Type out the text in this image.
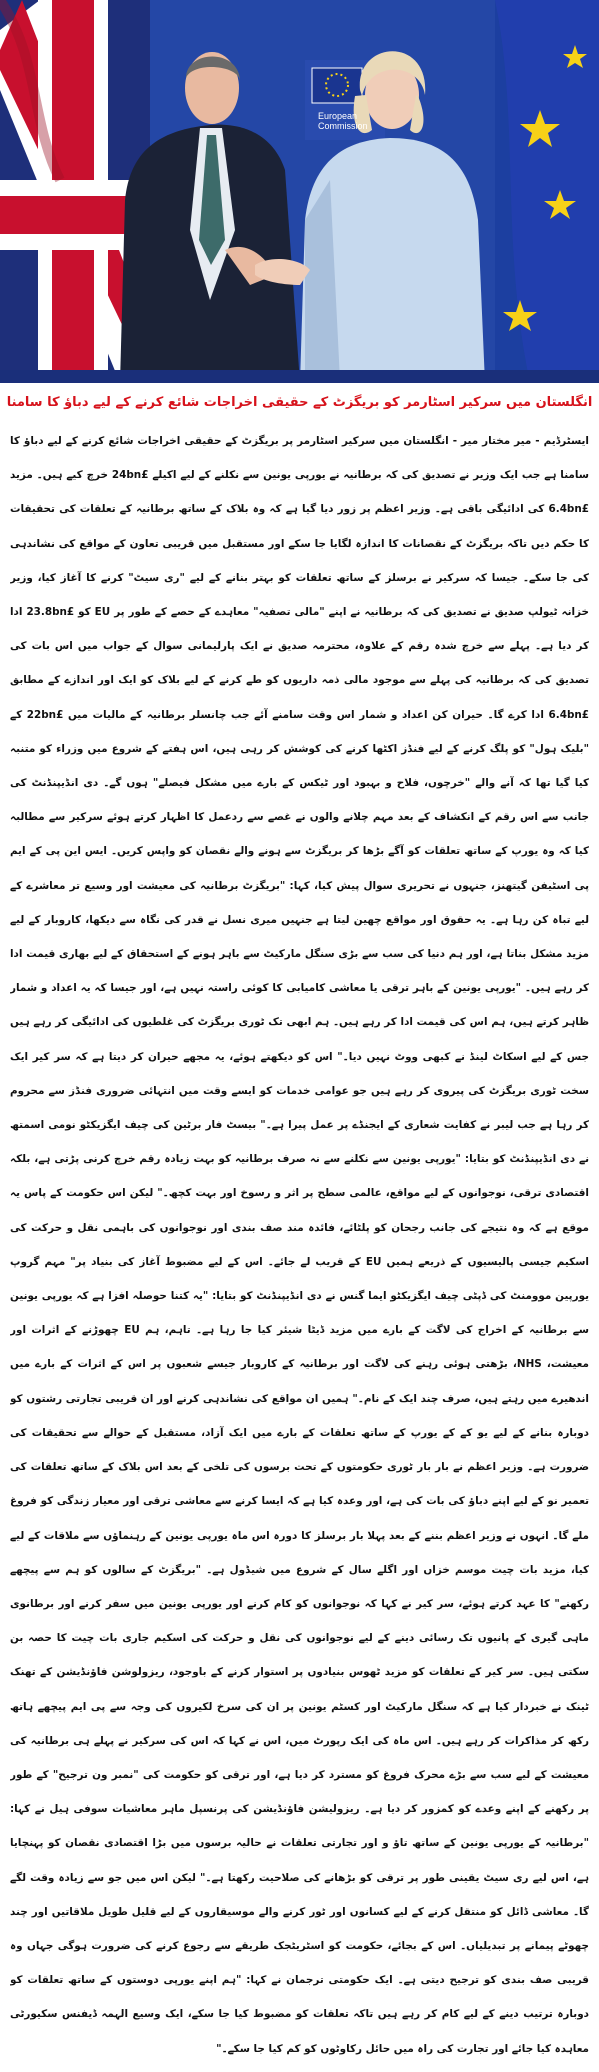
European
Commission
انگلستان میں سرکیر اسٹارمر کو بریگزٹ کے حقیقی اخراجات شائع کرنے کے لیے دباؤ کا سامنا

ایسٹرڈیم - میر مختار میر - انگلستان میں سرکیر اسٹارمر پر بریگزٹ کے حقیقی اخراجات شائع کرنے کے لیے دباؤ کا سامنا ہے جب ایک وزیر نے تصدیق کی کہ برطانیہ نے یورپی یونین سے نکلنے کے لیے اکیلے £24bn خرچ کیے ہیں۔ مزید £6.4bn کی ادائیگی باقی ہے۔ وزیر اعظم پر زور دیا گیا ہے کہ وہ بلاک کے ساتھ برطانیہ کے تعلقات کی تحقیقات کا حکم دیں تاکہ بریگزٹ کے نقصانات کا اندازہ لگایا جا سکے اور مستقبل میں قریبی تعاون کے مواقع کی نشاندہی کی جا سکے۔ جیسا کہ سرکیر نے برسلز کے ساتھ تعلقات کو بہتر بنانے کے لیے "ری سیٹ" کرنے کا آغاز کیا، وزیر خزانہ ٹیولپ صدیق نے تصدیق کی کہ برطانیہ نے اپنے "مالی تصفیہ" معاہدے کے حصے کے طور پر EU کو £23.8bn ادا کر دیا ہے۔ پہلے سے خرچ شدہ رقم کے علاوہ، محترمہ صدیق نے ایک پارلیمانی سوال کے جواب میں اس بات کی تصدیق کی کہ برطانیہ کی پہلے سے موجود مالی ذمہ داریوں کو طے کرنے کے لیے بلاک کو ایک اور اندازے کے مطابق £6.4bn ادا کرے گا۔ حیران کن اعداد و شمار اس وقت سامنے آئے جب چانسلر برطانیہ کے مالیات میں £22bn کے "بلیک ہول" کو پلگ کرنے کے لیے فنڈز اکٹھا کرنے کی کوشش کر رہی ہیں، اس ہفتے کے شروع میں وزراء کو متنبہ کیا گیا تھا کہ آنے والے "خرچوں، فلاح و بہبود اور ٹیکس کے بارے میں مشکل فیصلے" ہوں گے۔ دی انڈیپنڈنٹ کی جانب سے اس رقم کے انکشاف کے بعد مہم چلانے والوں نے غصے سے ردعمل کا اظہار کرتے ہوئے سرکیر سے مطالبہ کیا کہ وہ یورپ کے ساتھ تعلقات کو آگے بڑھا کر بریگزٹ سے ہونے والے نقصان کو واپس کریں۔ ایس این پی کے ایم پی اسٹیفن گیتھنز، جنہوں نے تحریری سوال پیش کیا، کہا: "بریگزٹ برطانیہ کی معیشت اور وسیع تر معاشرے کے لیے تباہ کن رہا ہے۔ یہ حقوق اور مواقع چھین لیتا ہے جنہیں میری نسل نے قدر کی نگاہ سے دیکھا، کاروبار کے لیے مزید مشکل بناتا ہے، اور ہم دنیا کی سب سے بڑی سنگل مارکیٹ سے باہر ہونے کے استحقاق کے لیے بھاری قیمت ادا کر رہے ہیں۔ "یورپی یونین کے باہر ترقی یا معاشی کامیابی کا کوئی راستہ نہیں ہے، اور جیسا کہ یہ اعداد و شمار ظاہر کرتے ہیں، ہم اس کی قیمت ادا کر رہے ہیں۔ ہم ابھی تک ٹوری بریگزٹ کی غلطیوں کی ادائیگی کر رہے ہیں جس کے لیے اسکاٹ لینڈ نے کبھی ووٹ نہیں دیا۔" اس کو دیکھتے ہوئے، یہ مجھے حیران کر دیتا ہے کہ سر کیر ایک سخت ٹوری بریگزٹ کی پیروی کر رہے ہیں جو عوامی خدمات کو ایسے وقت میں انتہائی ضروری فنڈز سے محروم کر رہا ہے جب لیبر نے کفایت شعاری کے ایجنڈے پر عمل پیرا ہے۔" بیسٹ فار برٹین کی چیف ایگزیکٹو نومی اسمتھ نے دی انڈیپنڈنٹ کو بتایا: "یورپی یونین سے نکلنے سے نہ صرف برطانیہ کو بہت زیادہ رقم خرچ کرنی پڑتی ہے، بلکہ اقتصادی ترقی، نوجوانوں کے لیے مواقع، عالمی سطح پر اثر و رسوخ اور بہت کچھ۔" لیکن اس حکومت کے پاس یہ موقع ہے کہ وہ نتیجے کی جانب رجحان کو پلٹائے، فائدہ مند صف بندی اور نوجوانوں کی باہمی نقل و حرکت کی اسکیم جیسی پالیسیوں کے ذریعے ہمیں EU کے قریب لے جائے۔ اس کے لیے مضبوط آغاز کی بنیاد پر" مہم گروپ یورپین موومنٹ کی ڈپٹی چیف ایگزیکٹو ایما گنس نے دی انڈیپنڈنٹ کو بتایا: "یہ کتنا حوصلہ افزا ہے کہ یورپی یونین سے برطانیہ کے اخراج کی لاگت کے بارے میں مزید ڈیٹا شیئر کیا جا رہا ہے۔ تاہم، ہم EU چھوڑنے کے اثرات اور معیشت، NHS، بڑھتی ہوئی رہنے کی لاگت اور برطانیہ کے کاروبار جیسے شعبوں پر اس کے اثرات کے بارے میں اندھیرے میں رہتے ہیں، صرف چند ایک کے نام۔" ہمیں ان مواقع کی نشاندہی کرنے اور ان قریبی تجارتی رشتوں کو دوبارہ بنانے کے لیے یو کے کے یورپ کے ساتھ تعلقات کے بارے میں ایک آزاد، مستقبل کے حوالے سے تحقیقات کی ضرورت ہے۔ وزیر اعظم نے بار بار ٹوری حکومتوں کے تحت برسوں کی تلخی کے بعد اس بلاک کے ساتھ تعلقات کی تعمیر نو کے لیے اپنے دباؤ کی بات کی ہے، اور وعدہ کیا ہے کہ ایسا کرنے سے معاشی ترقی اور معیار زندگی کو فروغ ملے گا۔ انہوں نے وزیر اعظم بننے کے بعد پہلا بار برسلز کا دورہ اس ماہ یورپی یونین کے رہنماؤں سے ملاقات کے لیے کیا، مزید بات چیت موسم خزاں اور اگلے سال کے شروع میں شیڈول ہے۔ "بریگزٹ کے سالوں کو ہم سے پیچھے رکھنے" کا عہد کرتے ہوئے، سر کیر نے کہا کہ نوجوانوں کو کام کرنے اور یورپی یونین میں سفر کرنے اور برطانوی ماہی گیری کے پانیوں تک رسائی دینے کے لیے نوجوانوں کی نقل و حرکت کی اسکیم جاری بات چیت کا حصہ بن سکتی ہیں۔ سر کیر کے تعلقات کو مزید ٹھوس بنیادوں پر استوار کرنے کے باوجود، ریزولوشن فاؤنڈیشن کے تھنک ٹینک نے خبردار کیا ہے کہ سنگل مارکیٹ اور کسٹم یونین پر ان کی سرخ لکیروں کی وجہ سے پی ایم پیچھے ہاتھ رکھ کر مذاکرات کر رہے ہیں۔ اس ماہ کی ایک رپورٹ میں، اس نے کہا کہ اس کی سرکیر نے پہلے ہی برطانیہ کی معیشت کے لیے سب سے بڑے محرک فروغ کو مسترد کر دیا ہے، اور ترقی کو حکومت کی "نمبر ون ترجیح" کے طور پر رکھنے کے اپنے وعدے کو کمزور کر دیا ہے۔ ریزولیشن فاؤنڈیشن کی پرنسپل ماہر معاشیات سوفی ہیل نے کہا: "برطانیہ کے یورپی یونین کے ساتھ تاؤ و اور تجارتی تعلقات نے حالیہ برسوں میں بڑا اقتصادی نقصان کو پہنچایا ہے، اس لیے ری سیٹ یقینی طور پر ترقی کو بڑھانے کی صلاحیت رکھتا ہے۔" لیکن اس میں جو سے زیادہ وقت لگے گا۔ معاشی ڈائل کو منتقل کرنے کے لیے کسانوں اور ٹور کرنے والے موسیقاروں کے لیے قلیل طویل ملاقاتیں اور چند چھوٹے پیمانے پر تبدیلیاں۔ اس کے بجائے، حکومت کو اسٹریٹجک طریقے سے رجوع کرنے کی ضرورت ہوگی جہاں وہ قریبی صف بندی کو ترجیح دیتی ہے۔ ایک حکومتی ترجمان نے کہا: "ہم اپنے یورپی دوستوں کے ساتھ تعلقات کو دوبارہ ترتیب دینے کے لیے کام کر رہے ہیں تاکہ تعلقات کو مضبوط کیا جا سکے، ایک وسیع الہمہ ڈیفنس سکیورٹی معاہدہ کیا جائے اور تجارت کی راہ میں حائل رکاوٹوں کو کم کیا جا سکے۔"
